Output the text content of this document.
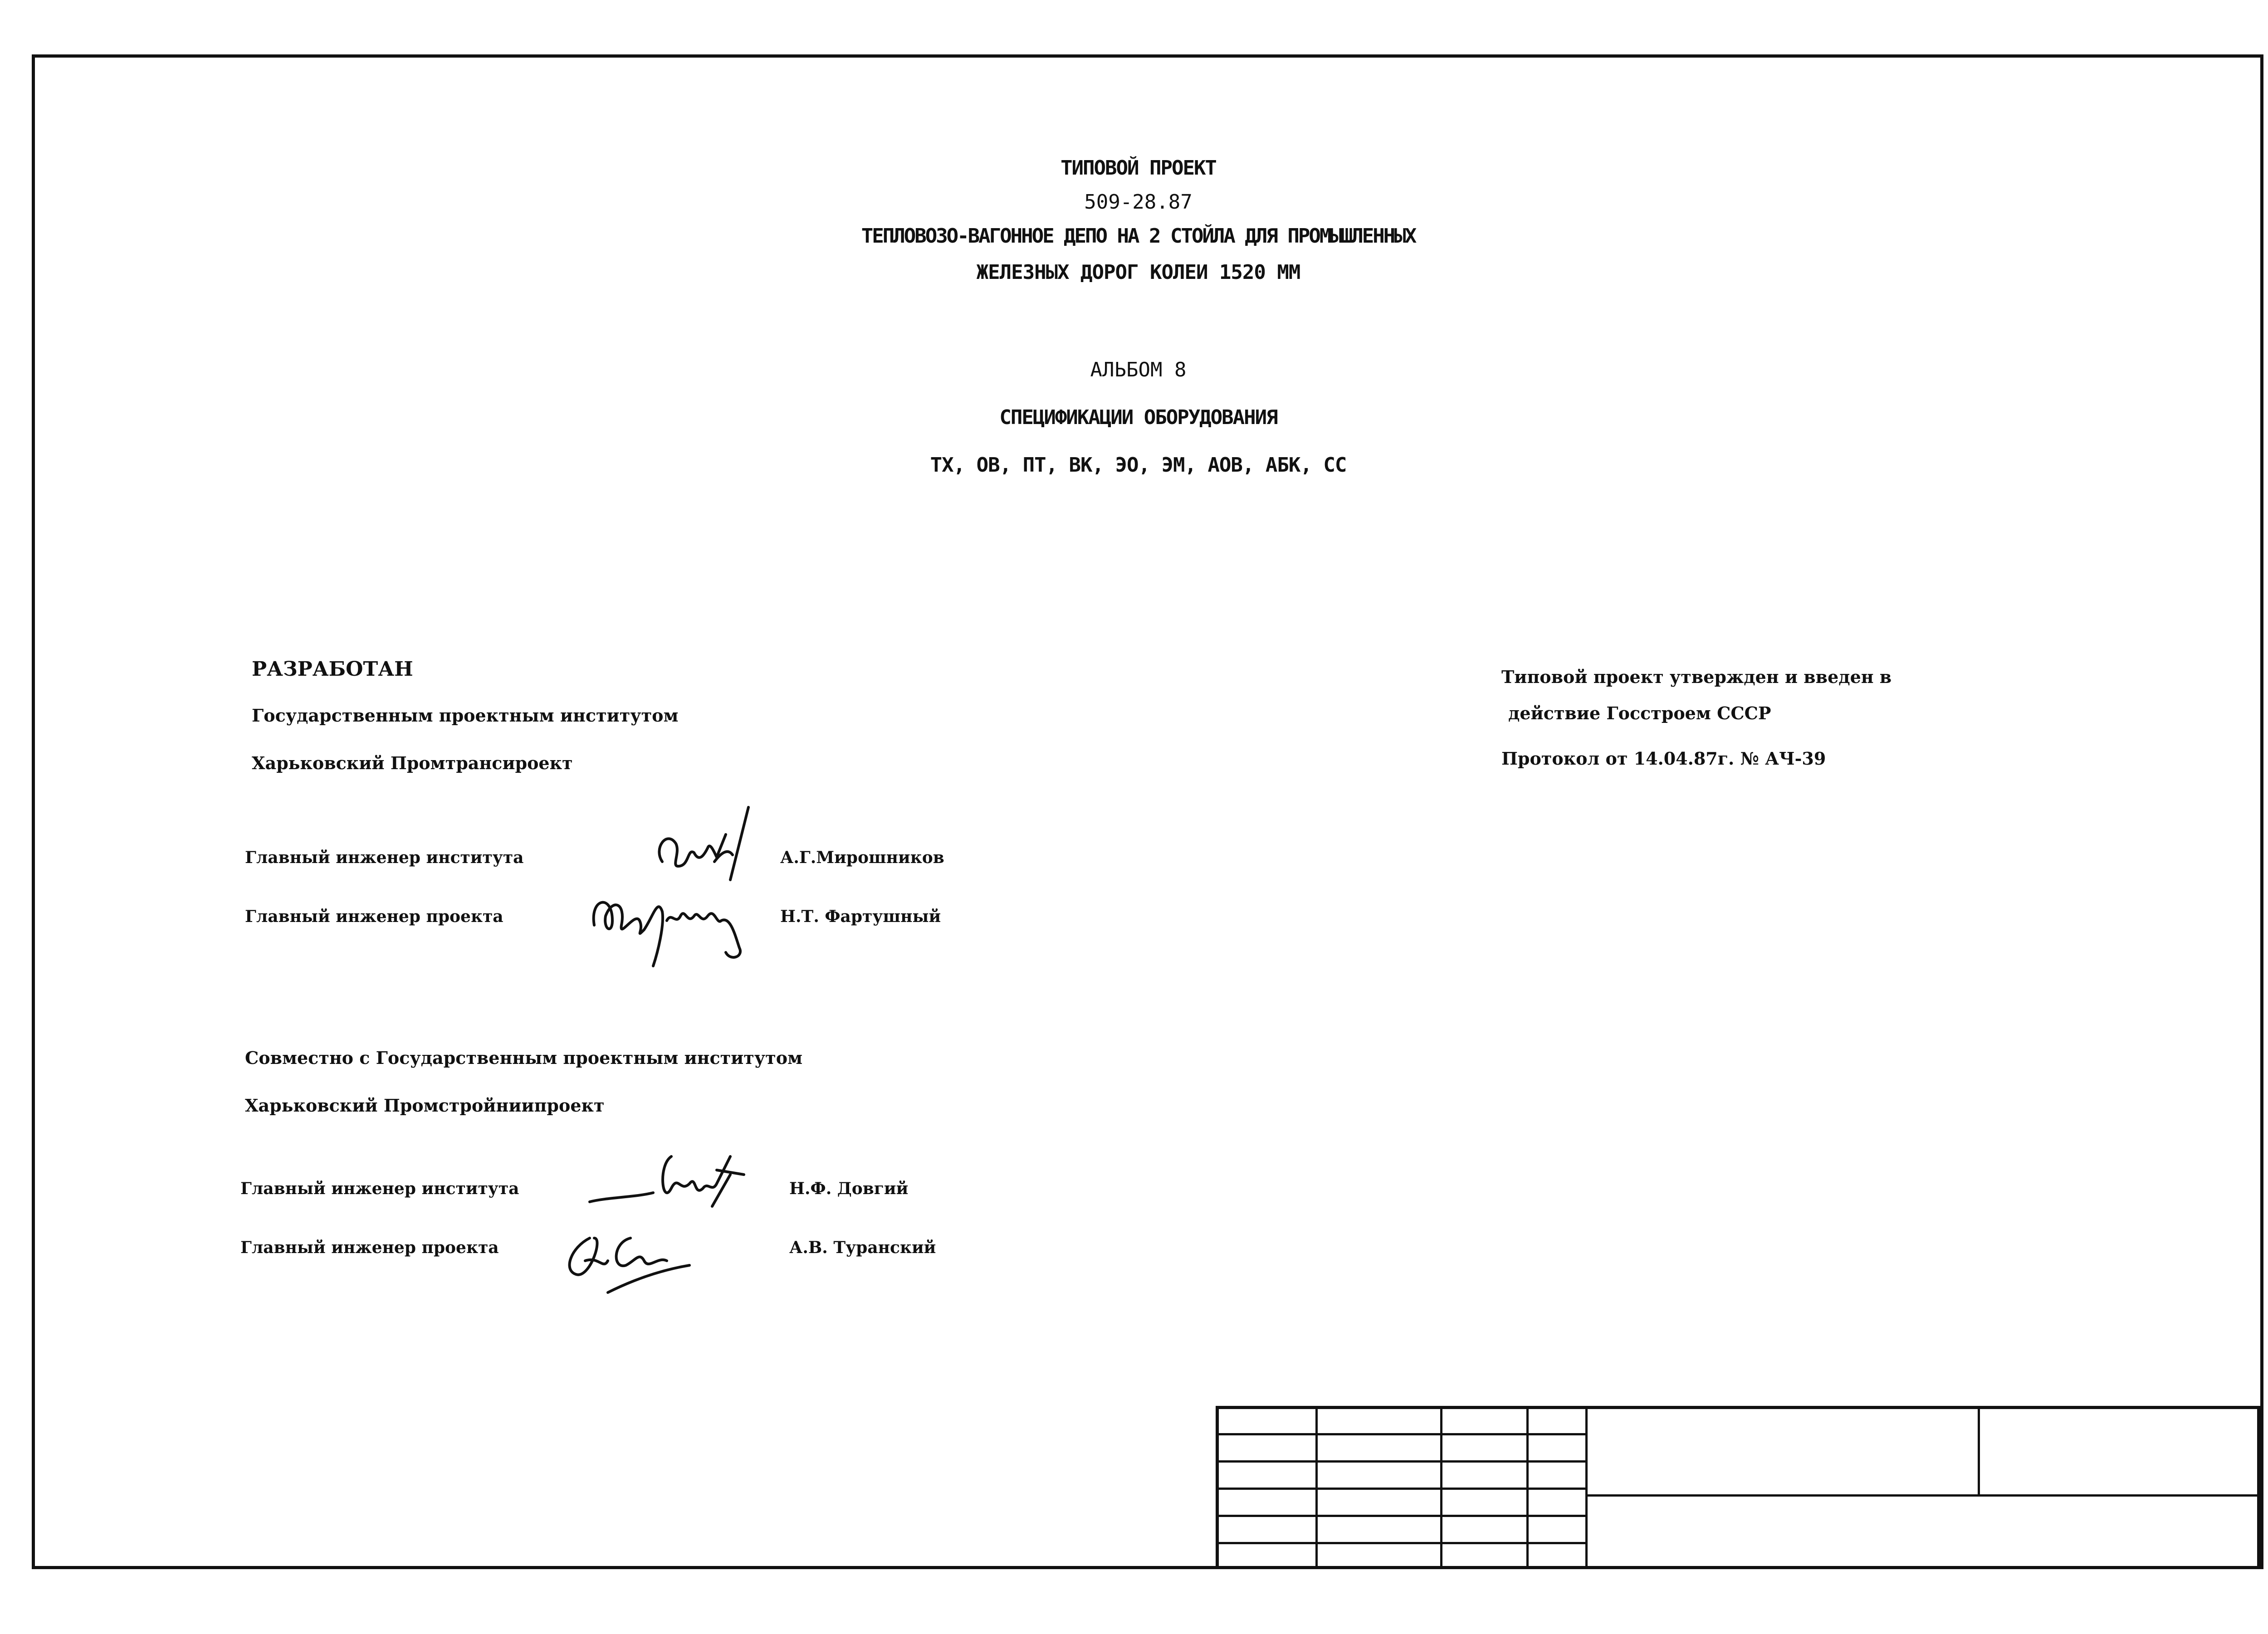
ТИПОВОЙ ПРОЕКТ
509-28.87
ТЕПЛОВОЗО-ВАГОННОЕ ДЕПО НА 2 СТОЙЛА ДЛЯ ПРОМЫШЛЕННЫХ
ЖЕЛЕЗНЫХ ДОРОГ КОЛЕИ 1520 ММ
АЛЬБОМ 8
СПЕЦИФИКАЦИИ ОБОРУДОВАНИЯ
ТХ, ОВ, ПТ, ВК, ЭО, ЭМ, АОВ, АБК, СС
РАЗРАБОТАН
Государственным проектным институтом
Харьковский Промтрансироект
Главный инженер института	А.Г.Мирошников
Главный инженер проекта	Н.Т. Фартушный
Совместно с Государственным проектным институтом
Харьковский Промстройниипроект
Главный инженер института	Н.Ф. Довгий
Главный инженер проекта	А.В. Туранский
Типовой проект утвержден и введен в
действие Госстроем СССР
Протокол от 14.04.87г. № АЧ-39
